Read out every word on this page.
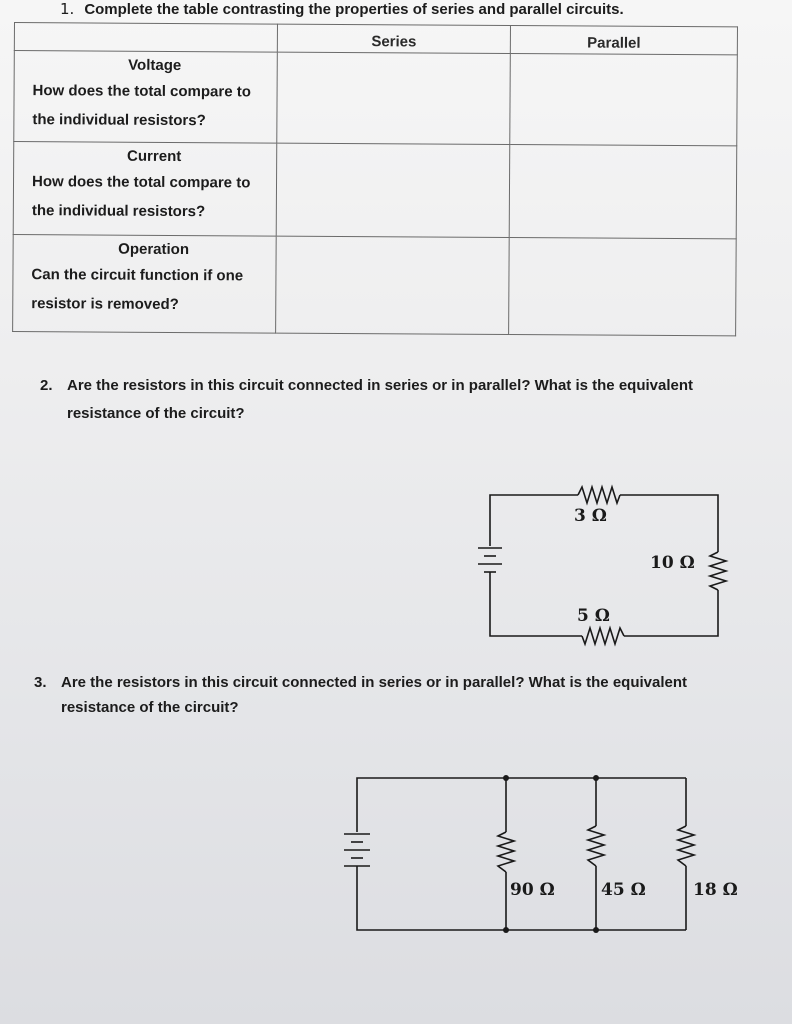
1. Complete the table contrasting the properties of series and parallel circuits.
	Series	Parallel

Voltage
How does the total compare to the individual resistors?		

Current
How does the total compare to the individual resistors?		

Operation
Can the circuit function if one resistor is removed?		
2. Are the resistors in this circuit connected in series or in parallel? What is the equivalent resistance of the circuit?
3 Ω
10 Ω
5 Ω
90 Ω	45 Ω	18 Ω
3. Are the resistors in this circuit connected in series or in parallel? What is the equivalent resistance of the circuit?
